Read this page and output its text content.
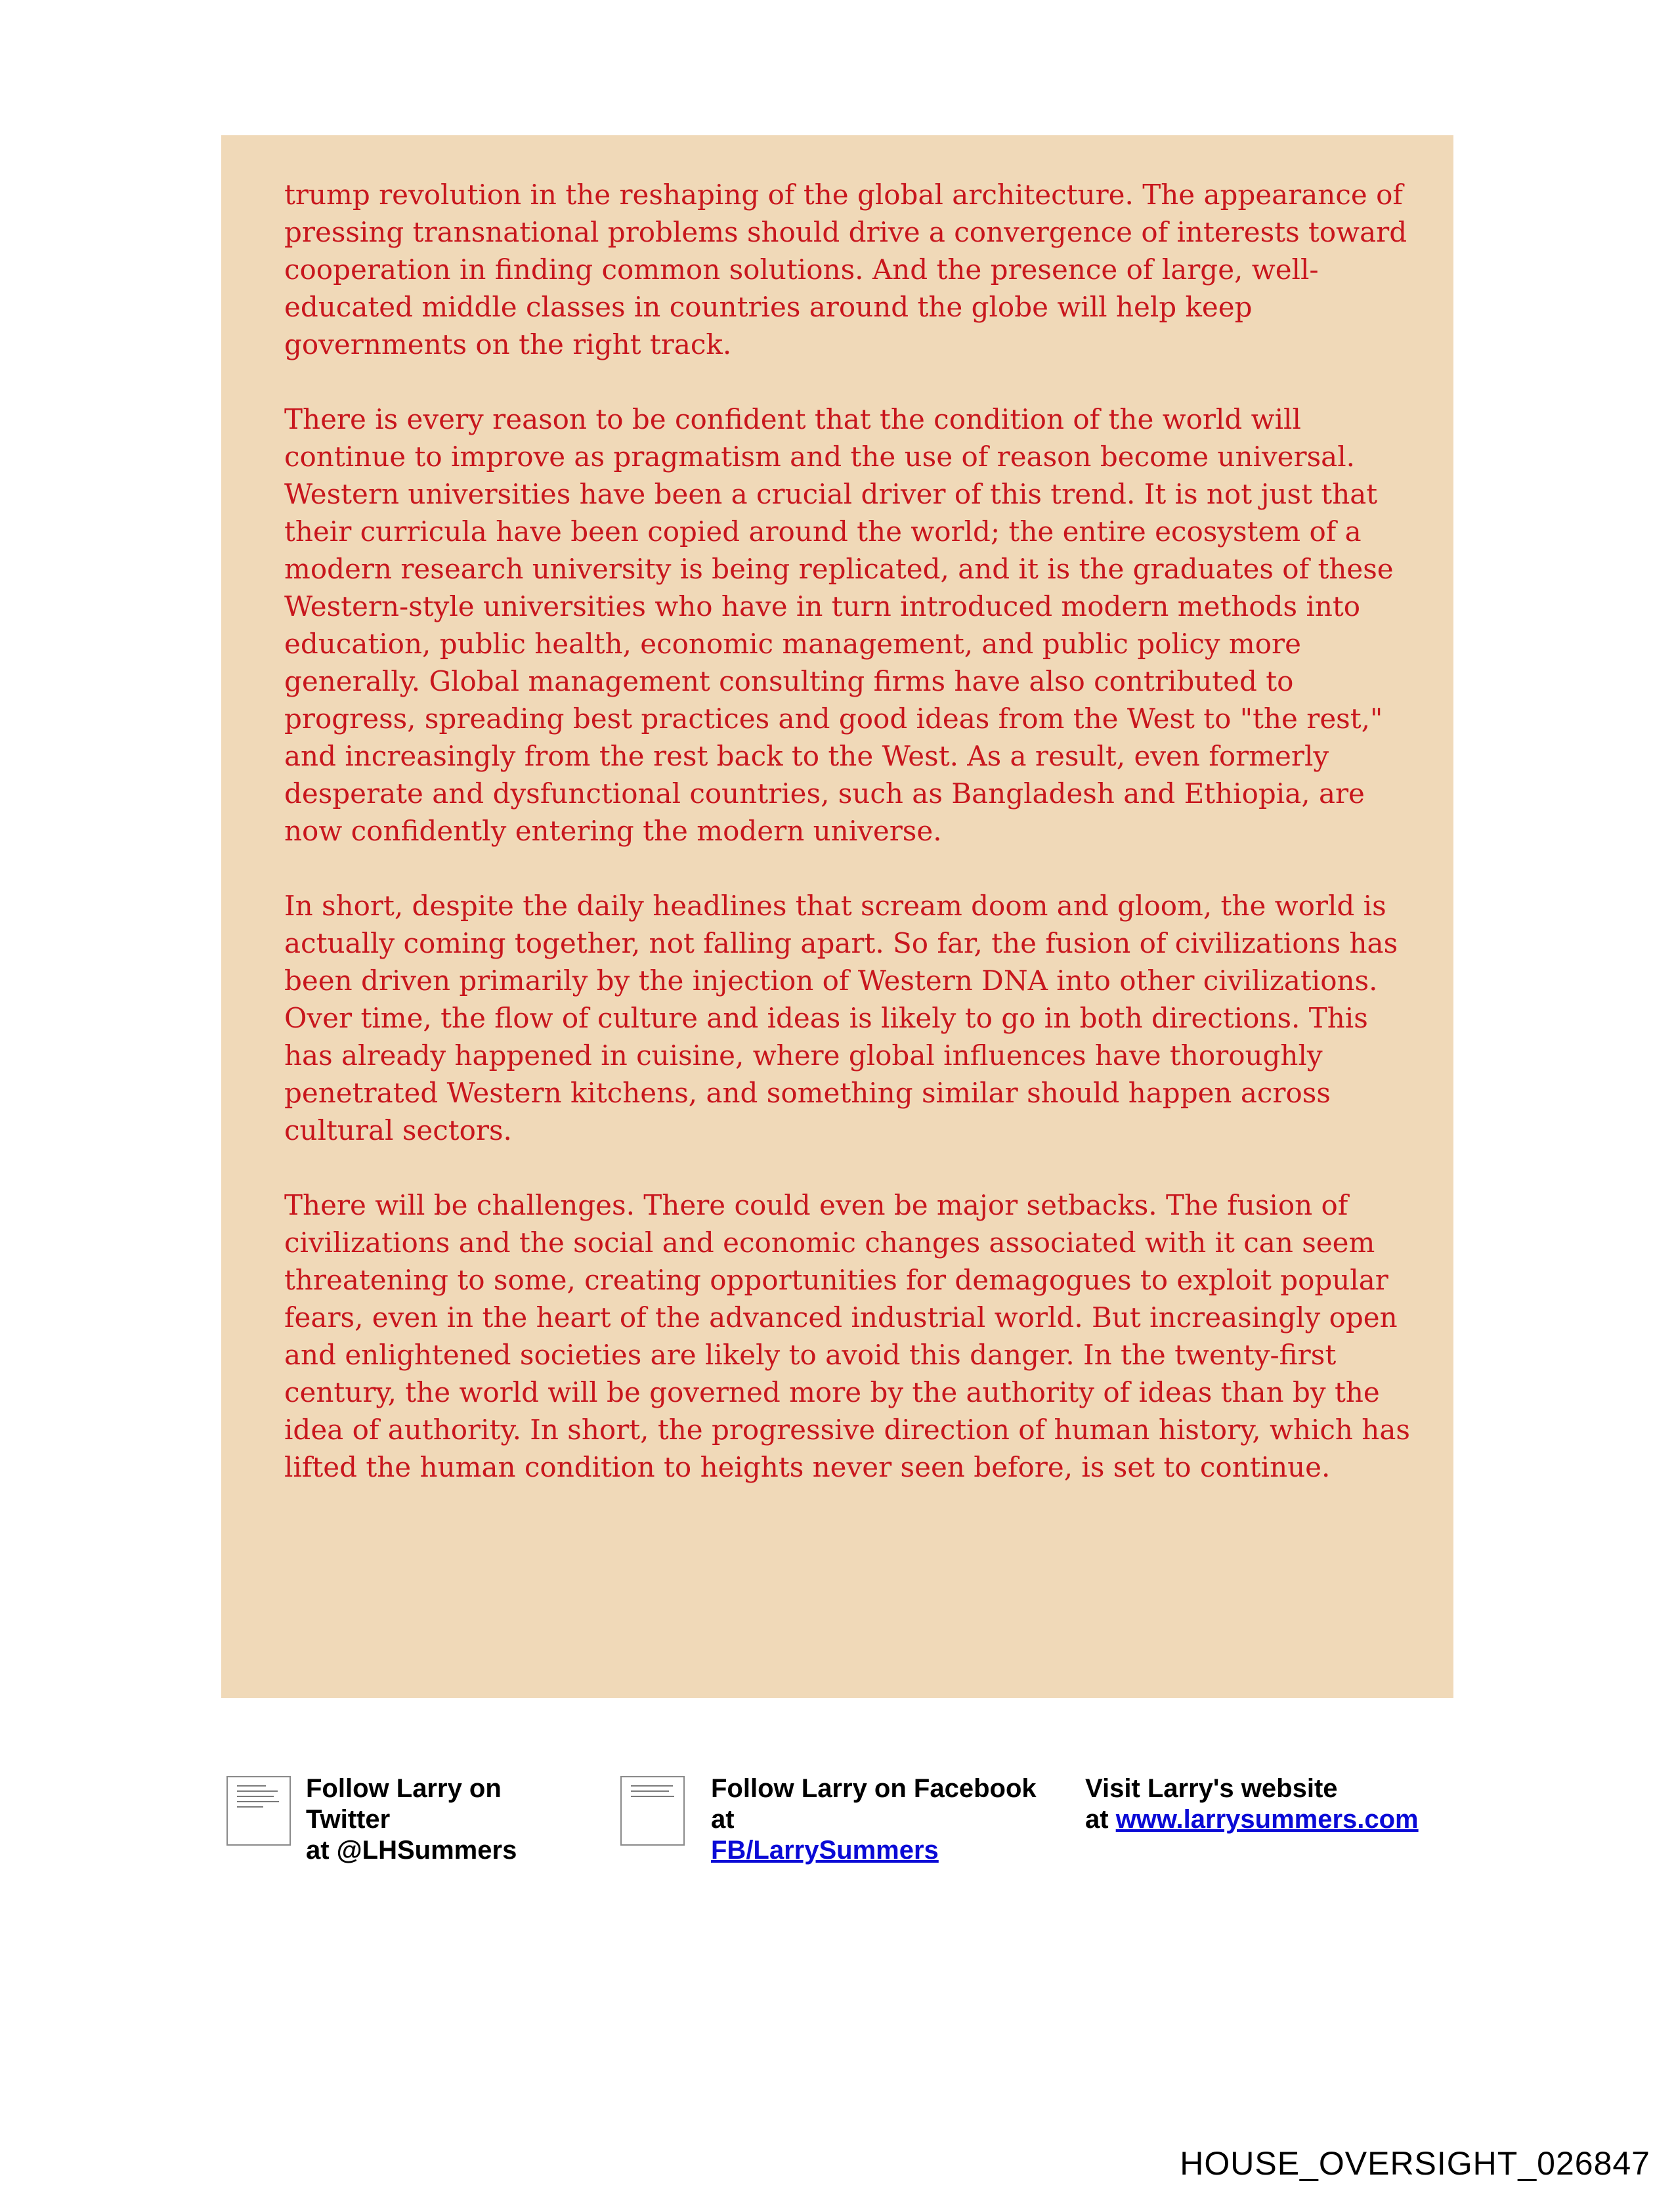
trump revolution in the reshaping of the global architecture. The appearance of pressing transnational problems should drive a convergence of interests toward cooperation in finding common solutions. And the presence of large, well-educated middle classes in countries around the globe will help keep governments on the right track.

There is every reason to be confident that the condition of the world will continue to improve as pragmatism and the use of reason become universal. Western universities have been a crucial driver of this trend. It is not just that their curricula have been copied around the world; the entire ecosystem of a modern research university is being replicated, and it is the graduates of these Western-style universities who have in turn introduced modern methods into education, public health, economic management, and public policy more generally. Global management consulting firms have also contributed to progress, spreading best practices and good ideas from the West to "the rest," and increasingly from the rest back to the West. As a result, even formerly desperate and dysfunctional countries, such as Bangladesh and Ethiopia, are now confidently entering the modern universe.

In short, despite the daily headlines that scream doom and gloom, the world is actually coming together, not falling apart. So far, the fusion of civilizations has been driven primarily by the injection of Western DNA into other civilizations. Over time, the flow of culture and ideas is likely to go in both directions. This has already happened in cuisine, where global influences have thoroughly penetrated Western kitchens, and something similar should happen across cultural sectors.

There will be challenges. There could even be major setbacks. The fusion of civilizations and the social and economic changes associated with it can seem threatening to some, creating opportunities for demagogues to exploit popular fears, even in the heart of the advanced industrial world. But increasingly open and enlightened societies are likely to avoid this danger. In the twenty-first century, the world will be governed more by the authority of ideas than by the idea of authority. In short, the progressive direction of human history, which has lifted the human condition to heights never seen before, is set to continue.

Follow Larry on
Twitter
at @LHSummers
Follow Larry on Facebook
at
FB/LarrySummers
Visit Larry's website
at www.larrysummers.com
HOUSE_OVERSIGHT_026847
